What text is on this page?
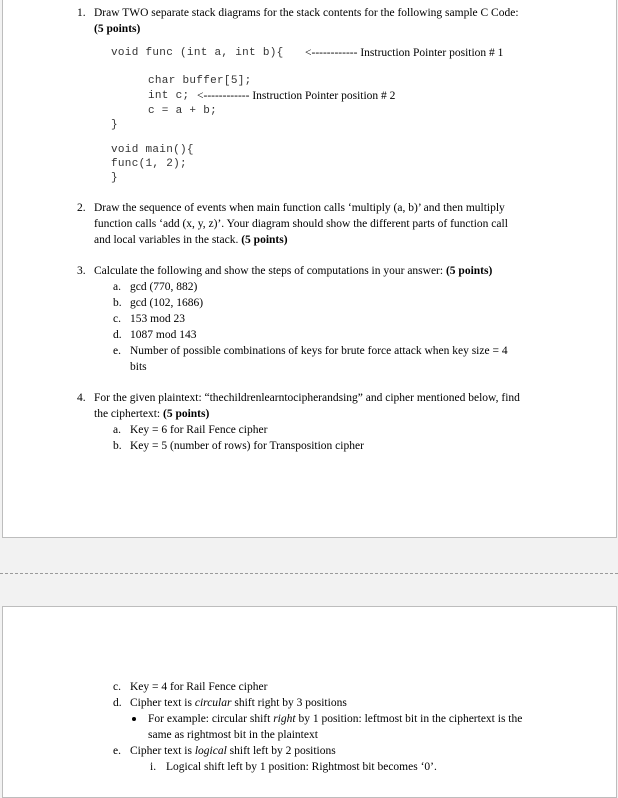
1. Draw TWO separate stack diagrams for the stack contents for the following sample C Code:
(5 points)
void func (int a, int b){ <------------ Instruction Pointer position # 1
char buffer[5];
int c; <------------ Instruction Pointer position # 2
c = a + b;
}
void main(){
func(1, 2);
}
2. Draw the sequence of events when main function calls ‘multiply (a, b)’ and then multiply
function calls ‘add (x, y, z)’. Your diagram should show the different parts of function call
and local variables in the stack. (5 points)
3. Calculate the following and show the steps of computations in your answer: (5 points)
a. gcd (770, 882)
b. gcd (102, 1686)
c. 153 mod 23
d. 1087 mod 143
e. Number of possible combinations of keys for brute force attack when key size = 4
bits
4. For the given plaintext: “thechildrenlearntocipherandsing” and cipher mentioned below, find
the ciphertext: (5 points)
a. Key = 6 for Rail Fence cipher
b. Key = 5 (number of rows) for Transposition cipher
c. Key = 4 for Rail Fence cipher
d. Cipher text is circular shift right by 3 positions
For example: circular shift right by 1 position: leftmost bit in the ciphertext is the
same as rightmost bit in the plaintext
e. Cipher text is logical shift left by 2 positions
i. Logical shift left by 1 position: Rightmost bit becomes ‘0’.
